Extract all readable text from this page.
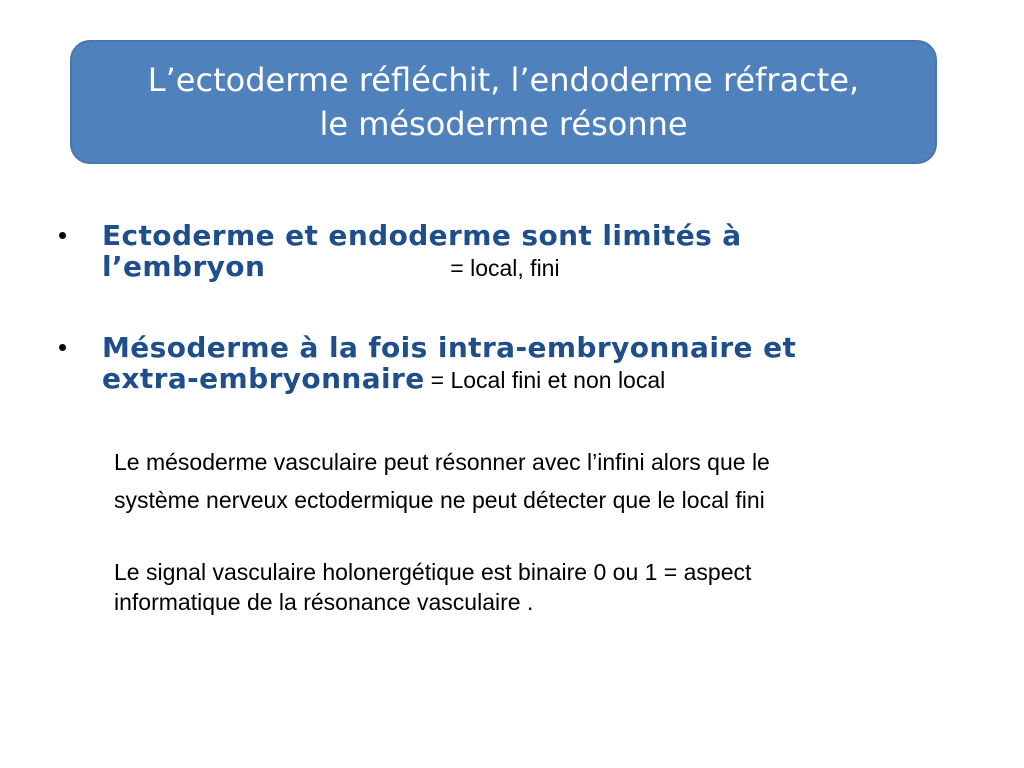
L’ectoderme réfléchit, l’endoderme réfracte,
le mésoderme résonne
• Ectoderme et endoderme sont limités à
l’embryon	= local, fini
• Mésoderme à la fois intra-embryonnaire et
extra-embryonnaire = Local fini et non local
Le mésoderme vasculaire peut résonner avec l’infini alors que le
système nerveux ectodermique ne peut détecter que le local fini
Le signal vasculaire holonergétique est binaire 0 ou 1 = aspect
informatique de la résonance vasculaire .
